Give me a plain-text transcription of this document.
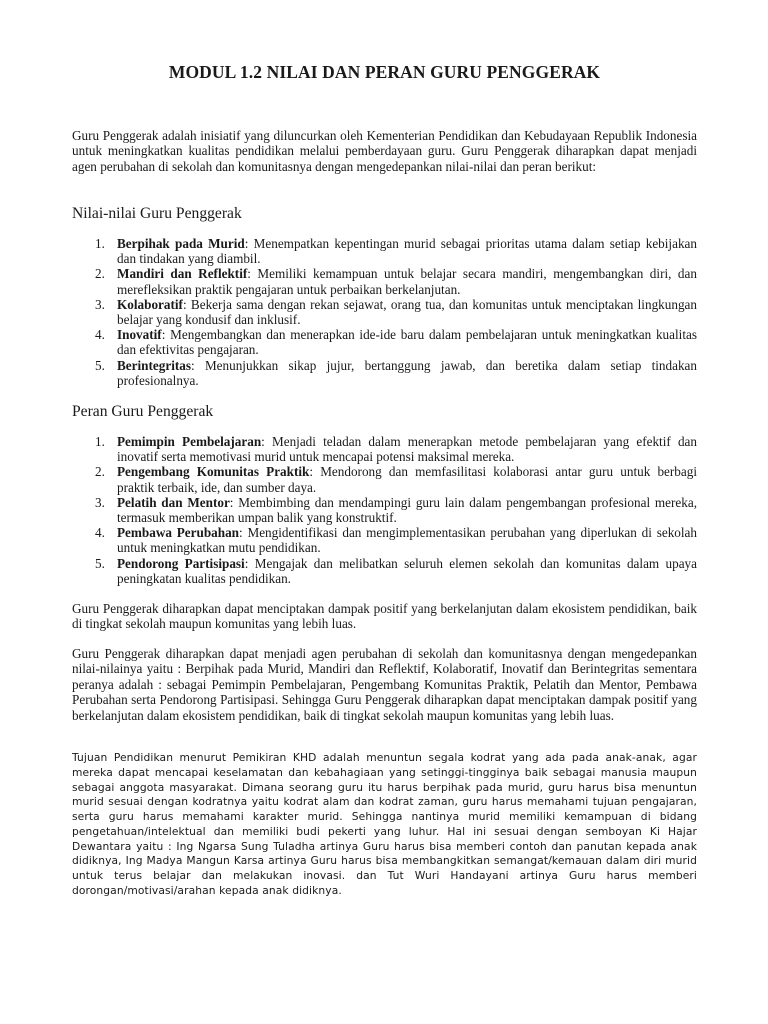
MODUL 1.2 NILAI DAN PERAN GURU PENGGERAK

Guru Penggerak adalah inisiatif yang diluncurkan oleh Kementerian Pendidikan dan Kebudayaan Republik Indonesia untuk meningkatkan kualitas pendidikan melalui pemberdayaan guru. Guru Penggerak diharapkan dapat menjadi agen perubahan di sekolah dan komunitasnya dengan mengedepankan nilai-nilai dan peran berikut:

Nilai-nilai Guru Penggerak
1. Berpihak pada Murid: Menempatkan kepentingan murid sebagai prioritas utama dalam setiap kebijakan dan tindakan yang diambil.
2. Mandiri dan Reflektif: Memiliki kemampuan untuk belajar secara mandiri, mengembangkan diri, dan merefleksikan praktik pengajaran untuk perbaikan berkelanjutan.
3. Kolaboratif: Bekerja sama dengan rekan sejawat, orang tua, dan komunitas untuk menciptakan lingkungan belajar yang kondusif dan inklusif.
4. Inovatif: Mengembangkan dan menerapkan ide-ide baru dalam pembelajaran untuk meningkatkan kualitas dan efektivitas pengajaran.
5. Berintegritas: Menunjukkan sikap jujur, bertanggung jawab, dan beretika dalam setiap tindakan profesionalnya.
Peran Guru Penggerak
1. Pemimpin Pembelajaran: Menjadi teladan dalam menerapkan metode pembelajaran yang efektif dan inovatif serta memotivasi murid untuk mencapai potensi maksimal mereka.
2. Pengembang Komunitas Praktik: Mendorong dan memfasilitasi kolaborasi antar guru untuk berbagi praktik terbaik, ide, dan sumber daya.
3. Pelatih dan Mentor: Membimbing dan mendampingi guru lain dalam pengembangan profesional mereka, termasuk memberikan umpan balik yang konstruktif.
4. Pembawa Perubahan: Mengidentifikasi dan mengimplementasikan perubahan yang diperlukan di sekolah untuk meningkatkan mutu pendidikan.
5. Pendorong Partisipasi: Mengajak dan melibatkan seluruh elemen sekolah dan komunitas dalam upaya peningkatan kualitas pendidikan.

Guru Penggerak diharapkan dapat menciptakan dampak positif yang berkelanjutan dalam ekosistem pendidikan, baik di tingkat sekolah maupun komunitas yang lebih luas.

Guru Penggerak diharapkan dapat menjadi agen perubahan di sekolah dan komunitasnya dengan mengedepankan nilai-nilainya yaitu : Berpihak pada Murid, Mandiri dan Reflektif, Kolaboratif, Inovatif dan Berintegritas sementara peranya adalah : sebagai Pemimpin Pembelajaran, Pengembang Komunitas Praktik, Pelatih dan Mentor, Pembawa Perubahan serta Pendorong Partisipasi. Sehingga Guru Penggerak diharapkan dapat menciptakan dampak positif yang berkelanjutan dalam ekosistem pendidikan, baik di tingkat sekolah maupun komunitas yang lebih luas.

Tujuan Pendidikan menurut Pemikiran KHD adalah menuntun segala kodrat yang ada pada anak-anak, agar mereka dapat mencapai keselamatan dan kebahagiaan yang setinggi-tingginya baik sebagai manusia maupun sebagai anggota masyarakat. Dimana seorang guru itu harus berpihak pada murid, guru harus bisa menuntun murid sesuai dengan kodratnya yaitu kodrat alam dan kodrat zaman, guru harus memahami tujuan pengajaran, serta guru harus memahami karakter murid. Sehingga nantinya murid memiliki kemampuan di bidang pengetahuan/intelektual dan memiliki budi pekerti yang luhur. Hal ini sesuai dengan semboyan Ki Hajar Dewantara yaitu : Ing Ngarsa Sung Tuladha artinya Guru harus bisa memberi contoh dan panutan kepada anak didiknya, Ing Madya Mangun Karsa artinya Guru harus bisa membangkitkan semangat/kemauan dalam diri murid untuk terus belajar dan melakukan inovasi. dan Tut Wuri Handayani artinya Guru harus memberi dorongan/motivasi/arahan kepada anak didiknya.
